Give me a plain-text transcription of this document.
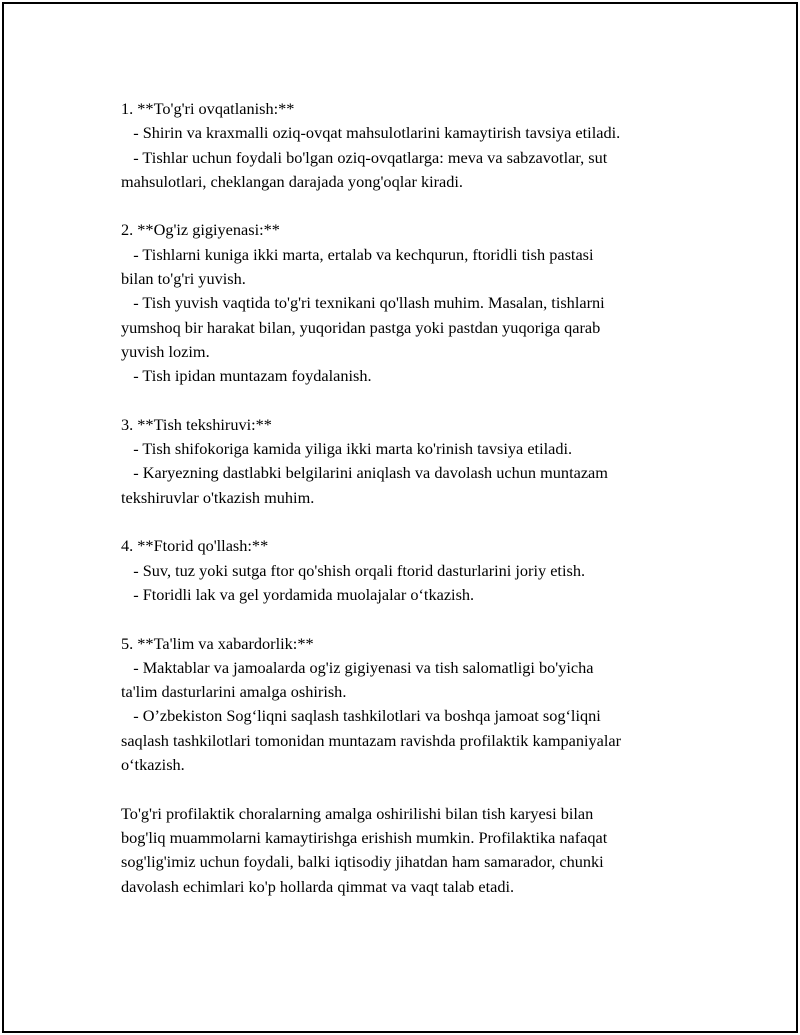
1. **To'g'ri ovqatlanish:**

- Shirin va kraxmalli oziq-ovqat mahsulotlarini kamaytirish tavsiya etiladi.

- Tishlar uchun foydali bo'lgan oziq-ovqatlarga: meva va sabzavotlar, sut
mahsulotlari, cheklangan darajada yong'oqlar kiradi.

2. **Og'iz gigiyenasi:**

- Tishlarni kuniga ikki marta, ertalab va kechqurun, ftoridli tish pastasi
bilan to'g'ri yuvish.

- Tish yuvish vaqtida to'g'ri texnikani qo'llash muhim. Masalan, tishlarni
yumshoq bir harakat bilan, yuqoridan pastga yoki pastdan yuqoriga qarab
yuvish lozim.

- Tish ipidan muntazam foydalanish.

3. **Tish tekshiruvi:**

- Tish shifokoriga kamida yiliga ikki marta ko'rinish tavsiya etiladi.

- Karyezning dastlabki belgilarini aniqlash va davolash uchun muntazam
tekshiruvlar o'tkazish muhim.

4. **Ftorid qo'llash:**

- Suv, tuz yoki sutga ftor qo'shish orqali ftorid dasturlarini joriy etish.

- Ftoridli lak va gel yordamida muolajalar o‘tkazish.

5. **Ta'lim va xabardorlik:**

- Maktablar va jamoalarda og'iz gigiyenasi va tish salomatligi bo'yicha
ta'lim dasturlarini amalga oshirish.

- O’zbekiston Sog‘liqni saqlash tashkilotlari va boshqa jamoat sog‘liqni
saqlash tashkilotlari tomonidan muntazam ravishda profilaktik kampaniyalar
o‘tkazish.

To'g'ri profilaktik choralarning amalga oshirilishi bilan tish karyesi bilan
bog'liq muammolarni kamaytirishga erishish mumkin. Profilaktika nafaqat
sog'lig'imiz uchun foydali, balki iqtisodiy jihatdan ham samarador, chunki
davolash echimlari ko'p hollarda qimmat va vaqt talab etadi.
